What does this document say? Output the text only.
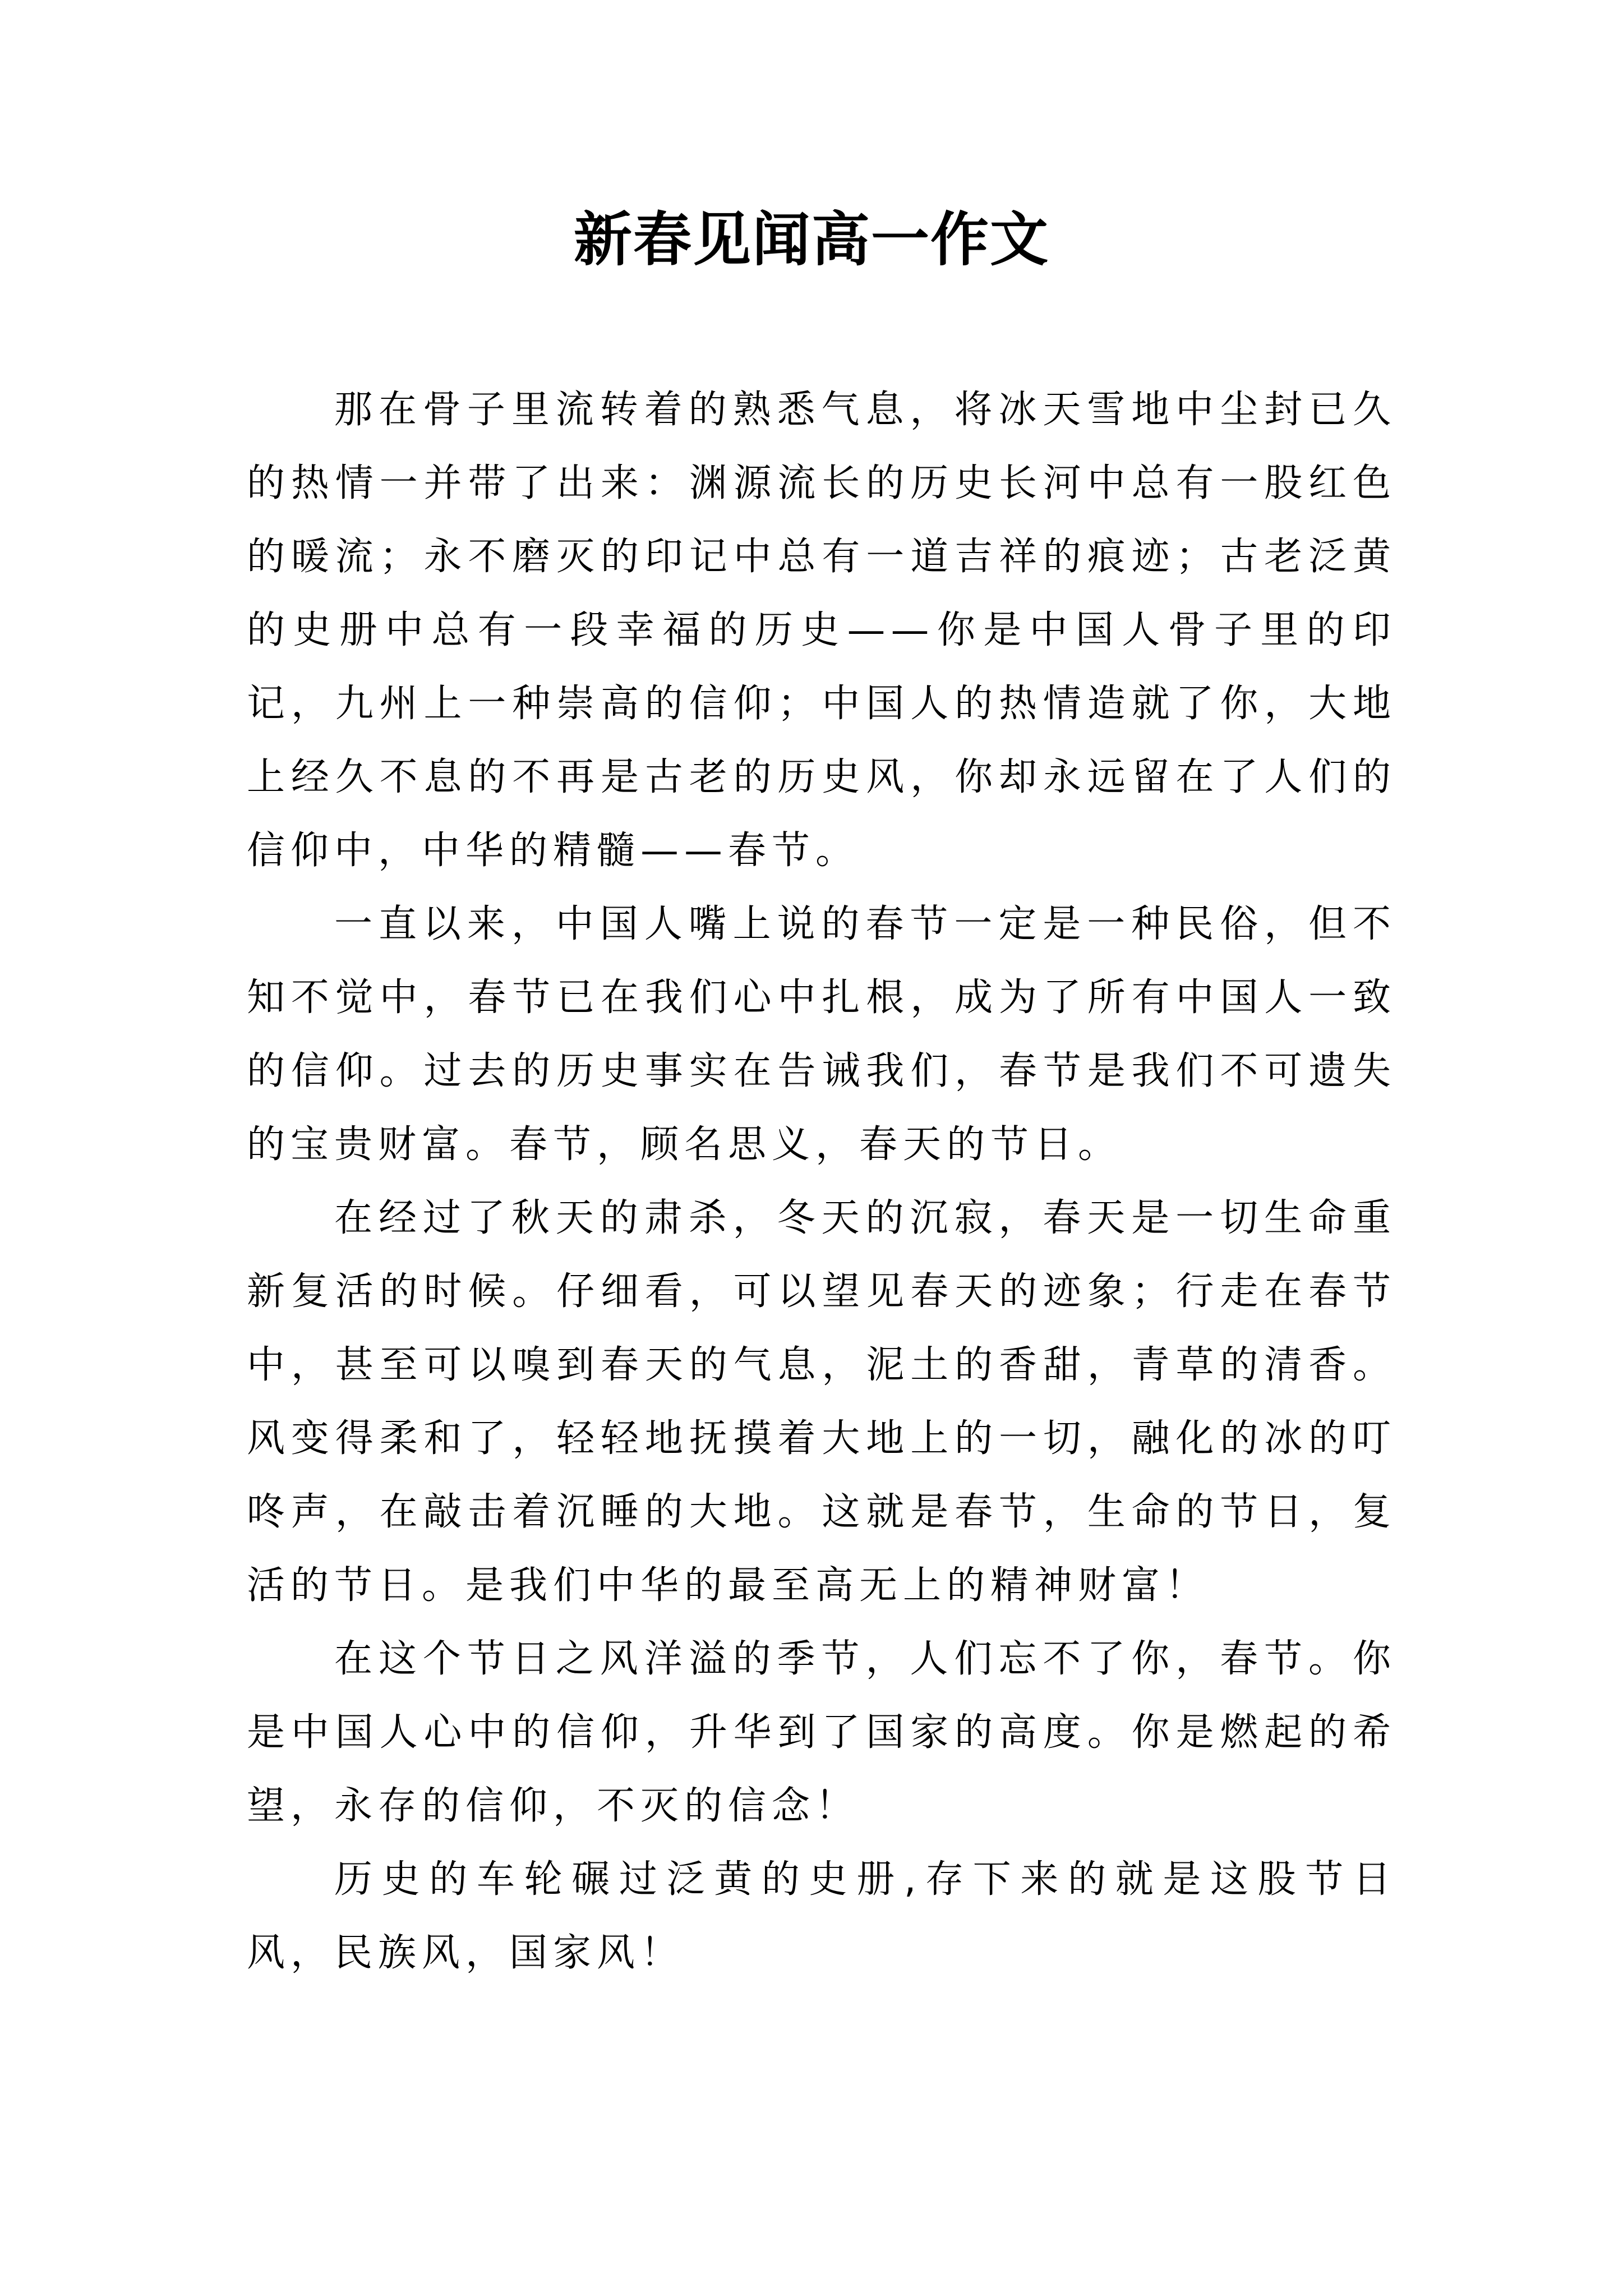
新春见闻高一作文

那在骨子里流转着的熟悉气息，将冰天雪地中尘封已久的热情一并带了出来：渊源流长的历史长河中总有一股红色的暖流；永不磨灭的印记中总有一道吉祥的痕迹；古老泛黄的史册中总有一段幸福的历史——你是中国人骨子里的印记，九州上一种崇高的信仰；中国人的热情造就了你，大地上经久不息的不再是古老的历史风，你却永远留在了人们的信仰中，中华的精髓——春节。

一直以来，中国人嘴上说的春节一定是一种民俗，但不知不觉中，春节已在我们心中扎根，成为了所有中国人一致的信仰。过去的历史事实在告诫我们，春节是我们不可遗失的宝贵财富。春节，顾名思义，春天的节日。

在经过了秋天的肃杀，冬天的沉寂，春天是一切生命重新复活的时候。仔细看，可以望见春天的迹象；行走在春节中，甚至可以嗅到春天的气息，泥土的香甜，青草的清香。风变得柔和了，轻轻地抚摸着大地上的一切，融化的冰的叮咚声，在敲击着沉睡的大地。这就是春节，生命的节日，复活的节日。是我们中华的最至高无上的精神财富！

在这个节日之风洋溢的季节，人们忘不了你，春节。你是中国人心中的信仰，升华到了国家的高度。你是燃起的希望，永存的信仰，不灭的信念！

历史的车轮碾过泛黄的史册,存下来的就是这股节日风，民族风，国家风！
